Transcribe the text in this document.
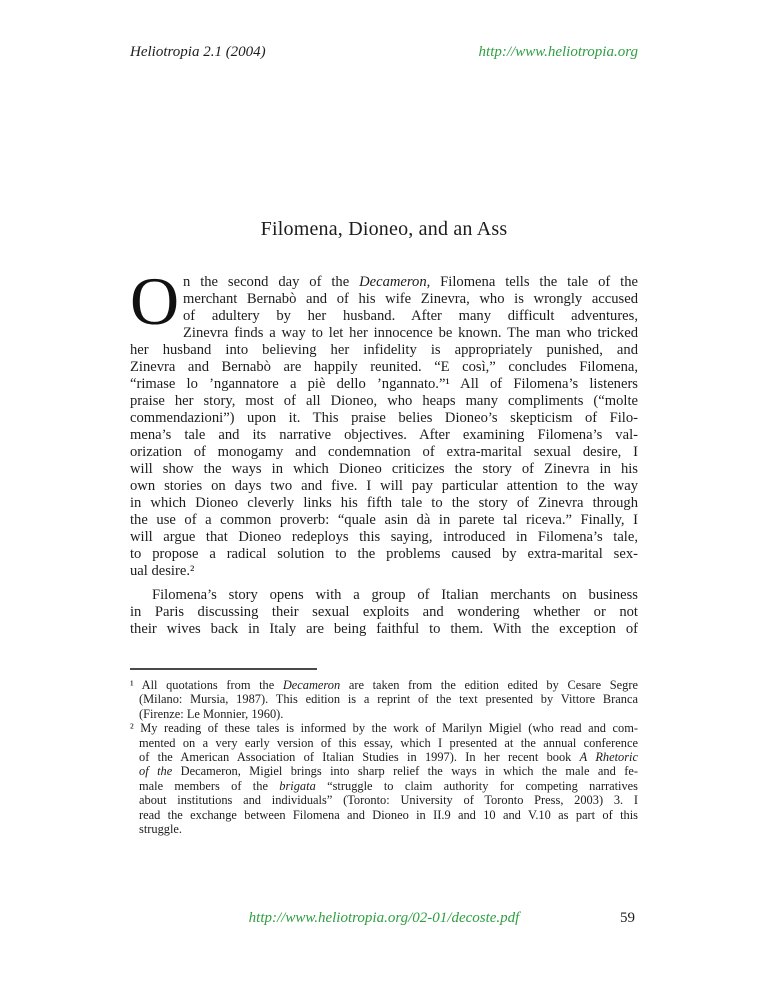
Heliotropia 2.1 (2004)	http://www.heliotropia.org
Filomena, Dioneo, and an Ass
O n the second day of the Decameron, Filomena tells the tale of the
merchant Bernabò and of his wife Zinevra, who is wrongly accused
of adultery by her husband. After many difficult adventures,
Zinevra finds a way to let her innocence be known. The man who tricked
her husband into believing her infidelity is appropriately punished, and
Zinevra and Bernabò are happily reunited. “E così,” concludes Filomena,
“rimase lo ’ngannatore a piè dello ’ngannato.”¹ All of Filomena’s listeners
praise her story, most of all Dioneo, who heaps many compliments (“molte
commendazioni”) upon it. This praise belies Dioneo’s skepticism of Filo-
mena’s tale and its narrative objectives. After examining Filomena’s val-
orization of monogamy and condemnation of extra-marital sexual desire, I
will show the ways in which Dioneo criticizes the story of Zinevra in his
own stories on days two and five. I will pay particular attention to the way
in which Dioneo cleverly links his fifth tale to the story of Zinevra through
the use of a common proverb: “quale asin dà in parete tal riceva.” Finally, I
will argue that Dioneo redeploys this saying, introduced in Filomena’s tale,
to propose a radical solution to the problems caused by extra-marital sex-
ual desire.²
Filomena’s story opens with a group of Italian merchants on business
in Paris discussing their sexual exploits and wondering whether or not
their wives back in Italy are being faithful to them. With the exception of
¹ All quotations from the Decameron are taken from the edition edited by Cesare Segre
(Milano: Mursia, 1987). This edition is a reprint of the text presented by Vittore Branca
(Firenze: Le Monnier, 1960).
² My reading of these tales is informed by the work of Marilyn Migiel (who read and com-
mented on a very early version of this essay, which I presented at the annual conference
of the American Association of Italian Studies in 1997). In her recent book A Rhetoric
of the Decameron, Migiel brings into sharp relief the ways in which the male and fe-
male members of the brigata “struggle to claim authority for competing narratives
about institutions and individuals” (Toronto: University of Toronto Press, 2003) 3. I
read the exchange between Filomena and Dioneo in II.9 and 10 and V.10 as part of this
struggle.
http://www.heliotropia.org/02-01/decoste.pdf	59
